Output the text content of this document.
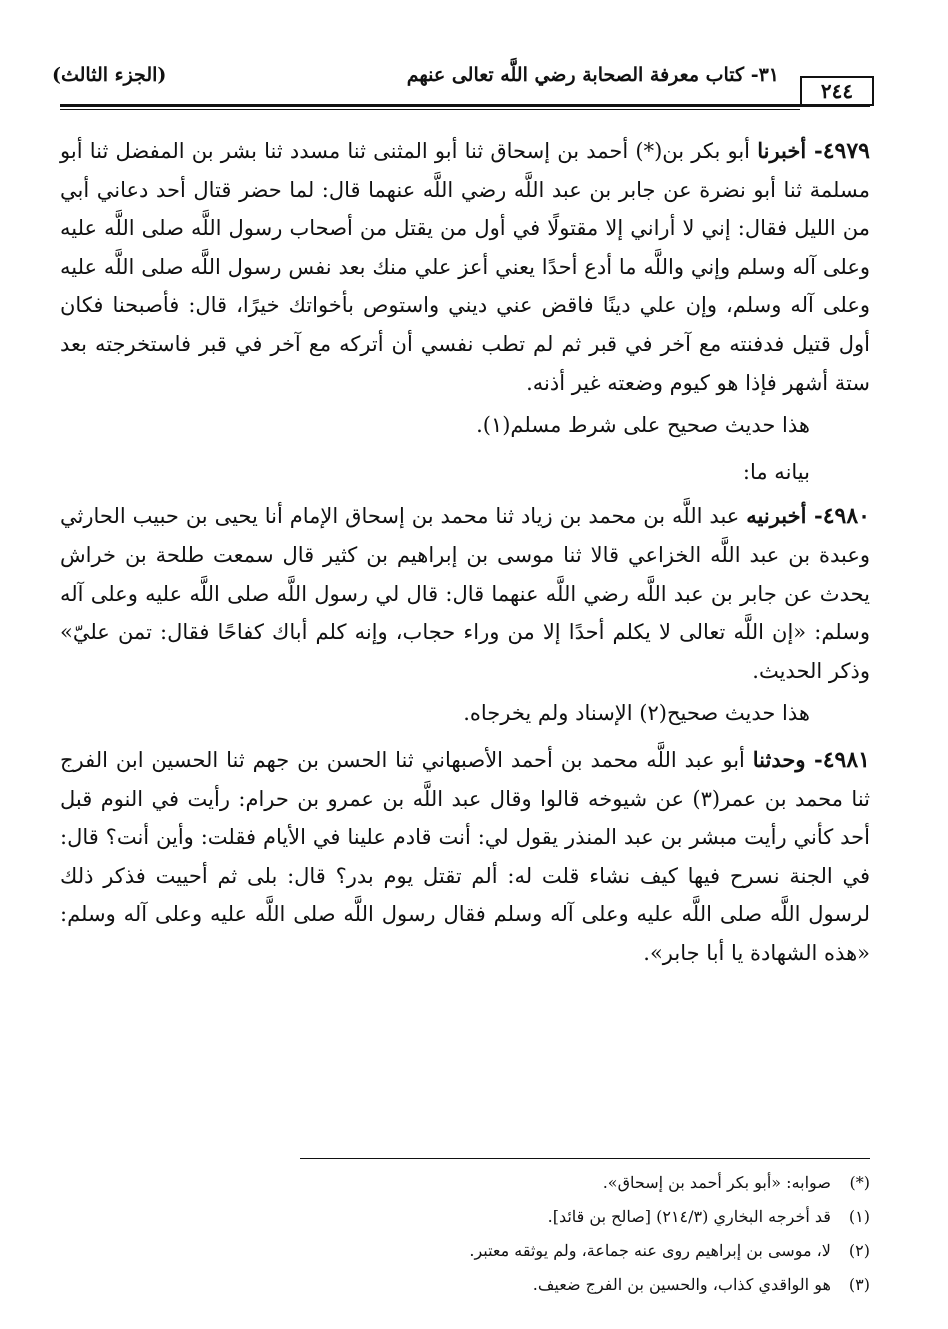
٢٤٤
٣١- كتاب معرفة الصحابة رضي اللَّه تعالى عنهم
(الجزء الثالث)

٤٩٧٩- أخبرنا أبو بكر بن(*) أحمد بن إسحاق ثنا أبو المثنى ثنا مسدد ثنا بشر بن المفضل ثنا أبو مسلمة ثنا أبو نضرة عن جابر بن عبد اللَّه رضي اللَّه عنهما قال: لما حضر قتال أحد دعاني أبي من الليل فقال: إني لا أراني إلا مقتولًا في أول من يقتل من أصحاب رسول اللَّه صلى اللَّه عليه وعلى آله وسلم وإني واللَّه ما أدع أحدًا يعني أعز علي منك بعد نفس رسول اللَّه صلى اللَّه عليه وعلى آله وسلم، وإن علي دينًا فاقض عني ديني واستوص بأخواتك خيرًا، قال: فأصبحنا فكان أول قتيل فدفنته مع آخر في قبر ثم لم تطب نفسي أن أتركه مع آخر في قبر فاستخرجته بعد ستة أشهر فإذا هو كيوم وضعته غير أذنه.

هذا حديث صحيح على شرط مسلم(١).

بيانه ما:

٤٩٨٠- أخبرنيه عبد اللَّه بن محمد بن زياد ثنا محمد بن إسحاق الإمام أنا يحيى بن حبيب الحارثي وعبدة بن عبد اللَّه الخزاعي قالا ثنا موسى بن إبراهيم بن كثير قال سمعت طلحة بن خراش يحدث عن جابر بن عبد اللَّه رضي اللَّه عنهما قال: قال لي رسول اللَّه صلى اللَّه عليه وعلى آله وسلم: «إن اللَّه تعالى لا يكلم أحدًا إلا من وراء حجاب، وإنه كلم أباك كفاحًا فقال: تمن عليّ» وذكر الحديث.

هذا حديث صحيح(٢) الإسناد ولم يخرجاه.

٤٩٨١- وحدثنا أبو عبد اللَّه محمد بن أحمد الأصبهاني ثنا الحسن بن جهم ثنا الحسين ابن الفرج ثنا محمد بن عمر(٣) عن شيوخه قالوا وقال عبد اللَّه بن عمرو بن حرام: رأيت في النوم قبل أحد كأني رأيت مبشر بن عبد المنذر يقول لي: أنت قادم علينا في الأيام فقلت: وأين أنت؟ قال: في الجنة نسرح فيها كيف نشاء قلت له: ألم تقتل يوم بدر؟ قال: بلى ثم أحييت فذكر ذلك لرسول اللَّه صلى اللَّه عليه وعلى آله وسلم فقال رسول اللَّه صلى اللَّه عليه وعلى آله وسلم: «هذه الشهادة يا أبا جابر».

(*) صوابه: «أبو بكر أحمد بن إسحاق».
(١) قد أخرجه البخاري (٢١٤/٣) [صالح بن قائد].
(٢) لا، موسى بن إبراهيم روى عنه جماعة، ولم يوثقه معتبر.
(٣) هو الواقدي كذاب، والحسين بن الفرج ضعيف.
